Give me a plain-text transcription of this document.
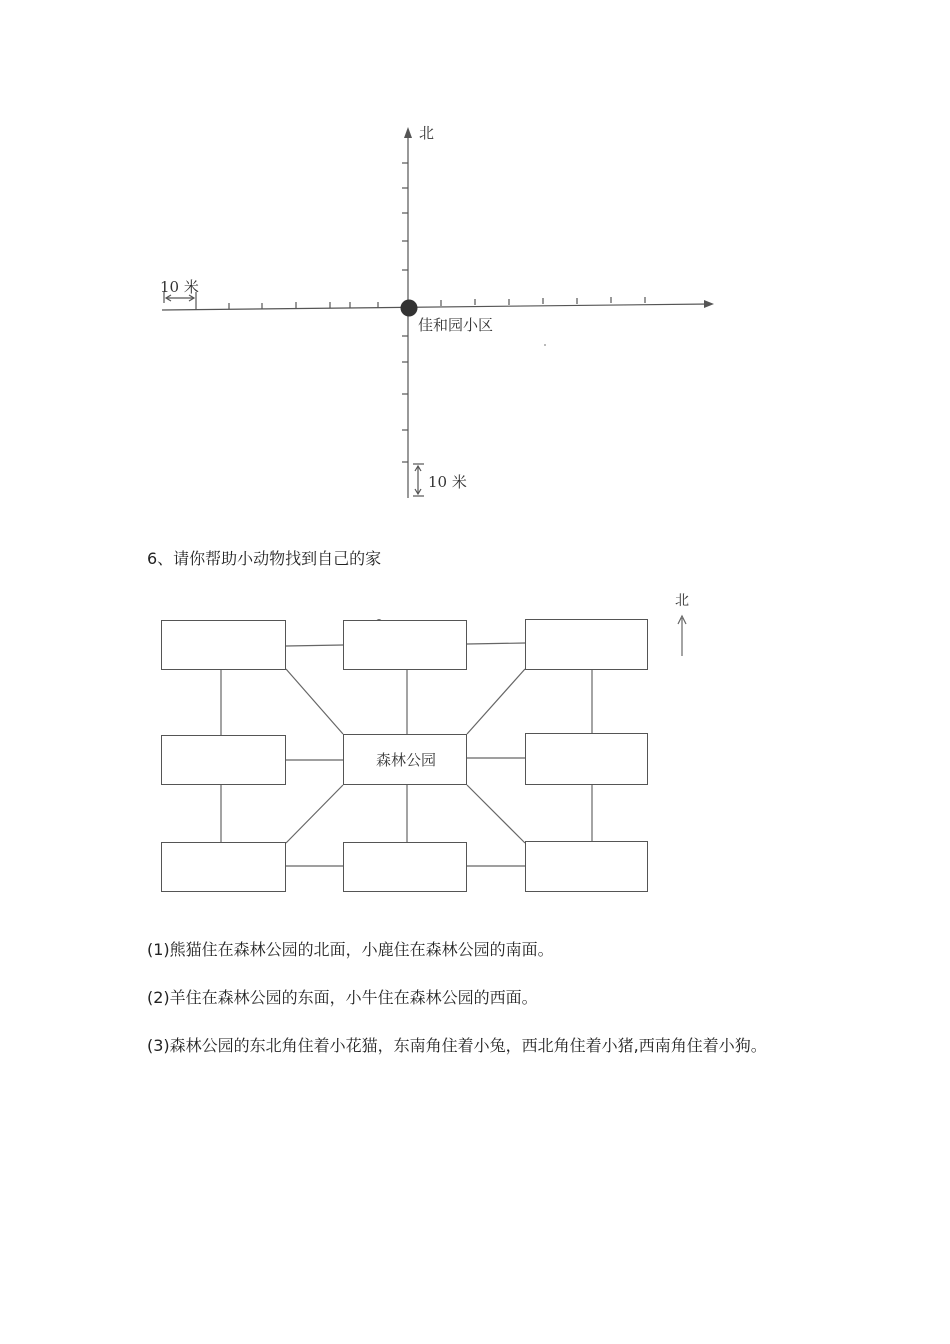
北
佳和园小区
10 米
10 米
6、请你帮助小动物找到自己的家
森林公园
北
(1)熊猫住在森林公园的北面，小鹿住在森林公园的南面。
(2)羊住在森林公园的东面，小牛住在森林公园的西面。
(3)森林公园的东北角住着小花猫，东南角住着小兔，西北角住着小猪,西南角住着小狗。
